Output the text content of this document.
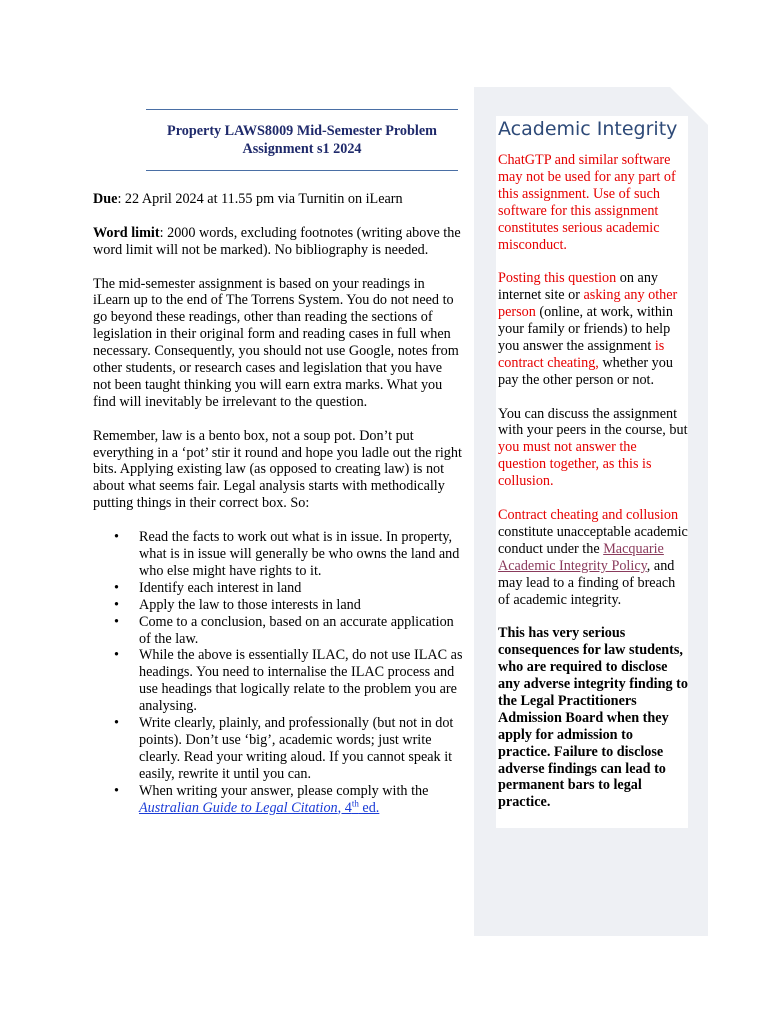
Property LAWS8009 Mid-Semester Problem
Assignment s1 2024

Due: 22 April 2024 at 11.55 pm via Turnitin on iLearn

Word limit: 2000 words, excluding footnotes (writing above the word limit will not be marked). No bibliography is needed.

The mid-semester assignment is based on your readings in iLearn up to the end of The Torrens System. You do not need to go beyond these readings, other than reading the sections of legislation in their original form and reading cases in full when necessary. Consequently, you should not use Google, notes from other students, or research cases and legislation that you have not been taught thinking you will earn extra marks. What you find will inevitably be irrelevant to the question.

Remember, law is a bento box, not a soup pot. Don’t put everything in a ‘pot’ stir it round and hope you ladle out the right bits. Applying existing law (as opposed to creating law) is not about what seems fair. Legal analysis starts with methodically putting things in their correct box. So:

• Read the facts to work out what is in issue. In property, what is in issue will generally be who owns the land and who else might have rights to it.
• Identify each interest in land
• Apply the law to those interests in land
• Come to a conclusion, based on an accurate application of the law.
• While the above is essentially ILAC, do not use ILAC as headings. You need to internalise the ILAC process and use headings that logically relate to the problem you are analysing.
• Write clearly, plainly, and professionally (but not in dot points). Don’t use ‘big’, academic words; just write clearly. Read your writing aloud. If you cannot speak it easily, rewrite it until you can.
• When writing your answer, please comply with the Australian Guide to Legal Citation, 4th ed.
Academic Integrity

ChatGTP and similar software may not be used for any part of this assignment. Use of such software for this assignment constitutes serious academic misconduct.

Posting this question on any internet site or asking any other person (online, at work, within your family or friends) to help you answer the assignment is contract cheating, whether you pay the other person or not.

You can discuss the assignment with your peers in the course, but you must not answer the question together, as this is collusion.

Contract cheating and collusion constitute unacceptable academic conduct under the Macquarie Academic Integrity Policy, and may lead to a finding of breach of academic integrity.

This has very serious consequences for law students, who are required to disclose any adverse integrity finding to the Legal Practitioners Admission Board when they apply for admission to practice. Failure to disclose adverse findings can lead to permanent bars to legal practice.
